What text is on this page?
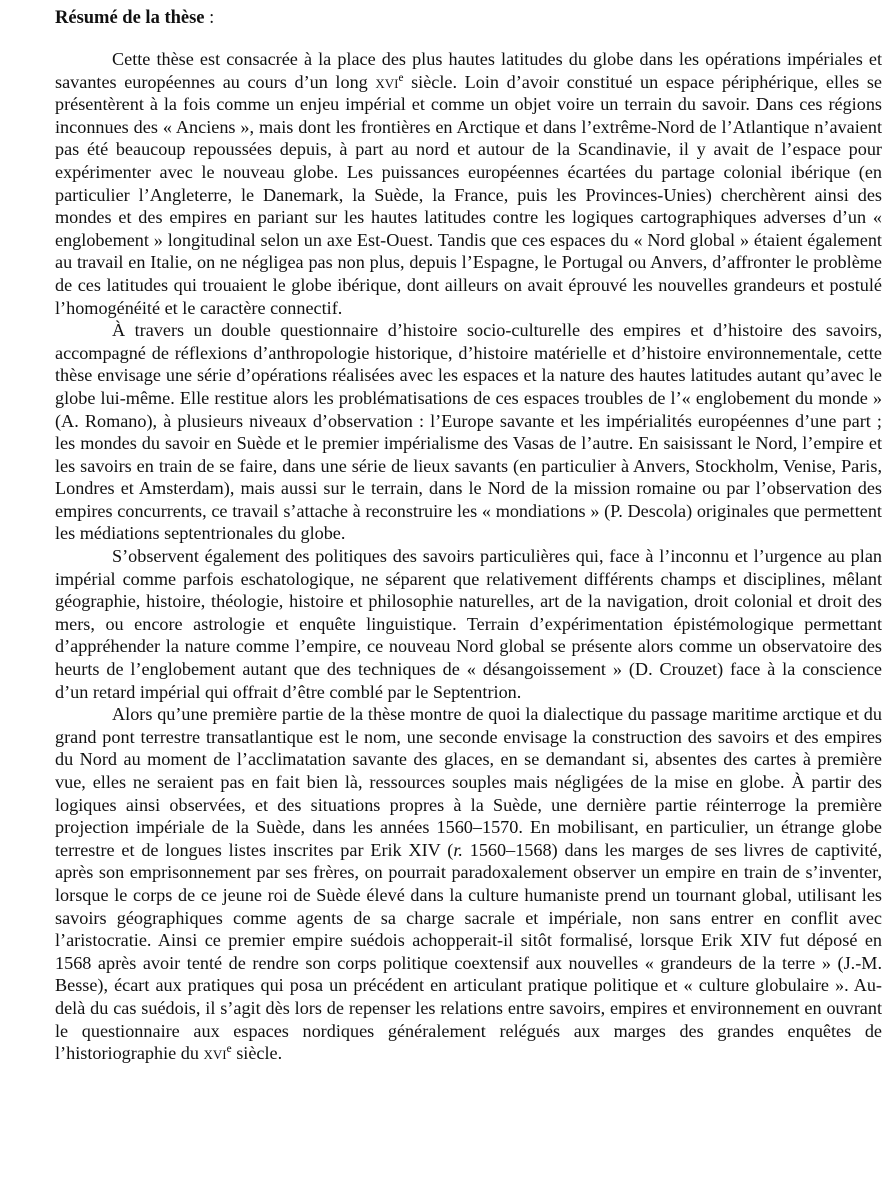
Résumé de la thèse :

Cette thèse est consacrée à la place des plus hautes latitudes du globe dans les opérations impériales et savantes européennes au cours d’un long xvi$^e$ siècle. Loin d’avoir constitué un espace périphérique, elles se présentèrent à la fois comme un enjeu impérial et comme un objet voire un terrain du savoir. Dans ces régions inconnues des « Anciens », mais dont les frontières en Arctique et dans l’extrême-Nord de l’Atlantique n’avaient pas été beaucoup repoussées depuis, à part au nord et autour de la Scandinavie, il y avait de l’espace pour expérimenter avec le nouveau globe. Les puissances européennes écartées du partage colonial ibérique (en particulier l’Angleterre, le Danemark, la Suède, la France, puis les Provinces-Unies) cherchèrent ainsi des mondes et des empires en pariant sur les hautes latitudes contre les logiques cartographiques adverses d’un « englobement » longitudinal selon un axe Est-Ouest. Tandis que ces espaces du « Nord global » étaient également au travail en Italie, on ne négligea pas non plus, depuis l’Espagne, le Portugal ou Anvers, d’affronter le problème de ces latitudes qui trouaient le globe ibérique, dont ailleurs on avait éprouvé les nouvelles grandeurs et postulé l’homogénéité et le caractère connectif.

À travers un double questionnaire d’histoire socio-culturelle des empires et d’histoire des savoirs, accompagné de réflexions d’anthropologie historique, d’histoire matérielle et d’histoire environnementale, cette thèse envisage une série d’opérations réalisées avec les espaces et la nature des hautes latitudes autant qu’avec le globe lui-même. Elle restitue alors les problématisations de ces espaces troubles de l’« englobement du monde » (A. Romano), à plusieurs niveaux d’observation : l’Europe savante et les impérialités européennes d’une part ; les mondes du savoir en Suède et le premier impérialisme des Vasas de l’autre. En saisissant le Nord, l’empire et les savoirs en train de se faire, dans une série de lieux savants (en particulier à Anvers, Stockholm, Venise, Paris, Londres et Amsterdam), mais aussi sur le terrain, dans le Nord de la mission romaine ou par l’observation des empires concurrents, ce travail s’attache à reconstruire les « mondiations » (P. Descola) originales que permettent les médiations septentrionales du globe.

S’observent également des politiques des savoirs particulières qui, face à l’inconnu et l’urgence au plan impérial comme parfois eschatologique, ne séparent que relativement différents champs et disciplines, mêlant géographie, histoire, théologie, histoire et philosophie naturelles, art de la navigation, droit colonial et droit des mers, ou encore astrologie et enquête linguistique. Terrain d’expérimentation épistémologique permettant d’appréhender la nature comme l’empire, ce nouveau Nord global se présente alors comme un observatoire des heurts de l’englobement autant que des techniques de « désangoissement » (D. Crouzet) face à la conscience d’un retard impérial qui offrait d’être comblé par le Septentrion.

Alors qu’une première partie de la thèse montre de quoi la dialectique du passage maritime arctique et du grand pont terrestre transatlantique est le nom, une seconde envisage la construction des savoirs et des empires du Nord au moment de l’acclimatation savante des glaces, en se demandant si, absentes des cartes à première vue, elles ne seraient pas en fait bien là, ressources souples mais négligées de la mise en globe. À partir des logiques ainsi observées, et des situations propres à la Suède, une dernière partie réinterroge la première projection impériale de la Suède, dans les années 1560–1570. En mobilisant, en particulier, un étrange globe terrestre et de longues listes inscrites par Erik XIV (r. 1560–1568) dans les marges de ses livres de captivité, après son emprisonnement par ses frères, on pourrait paradoxalement observer un empire en train de s’inventer, lorsque le corps de ce jeune roi de Suède élevé dans la culture humaniste prend un tournant global, utilisant les savoirs géographiques comme agents de sa charge sacrale et impériale, non sans entrer en conflit avec l’aristocratie. Ainsi ce premier empire suédois achopperait-il sitôt formalisé, lorsque Erik XIV fut déposé en 1568 après avoir tenté de rendre son corps politique coextensif aux nouvelles « grandeurs de la terre » (J.-M. Besse), écart aux pratiques qui posa un précédent en articulant pratique politique et « culture globulaire ». Au-delà du cas suédois, il s’agit dès lors de repenser les relations entre savoirs, empires et environnement en ouvrant le questionnaire aux espaces nordiques généralement relégués aux marges des grandes enquêtes de l’historiographie du xvi$^e$ siècle.
